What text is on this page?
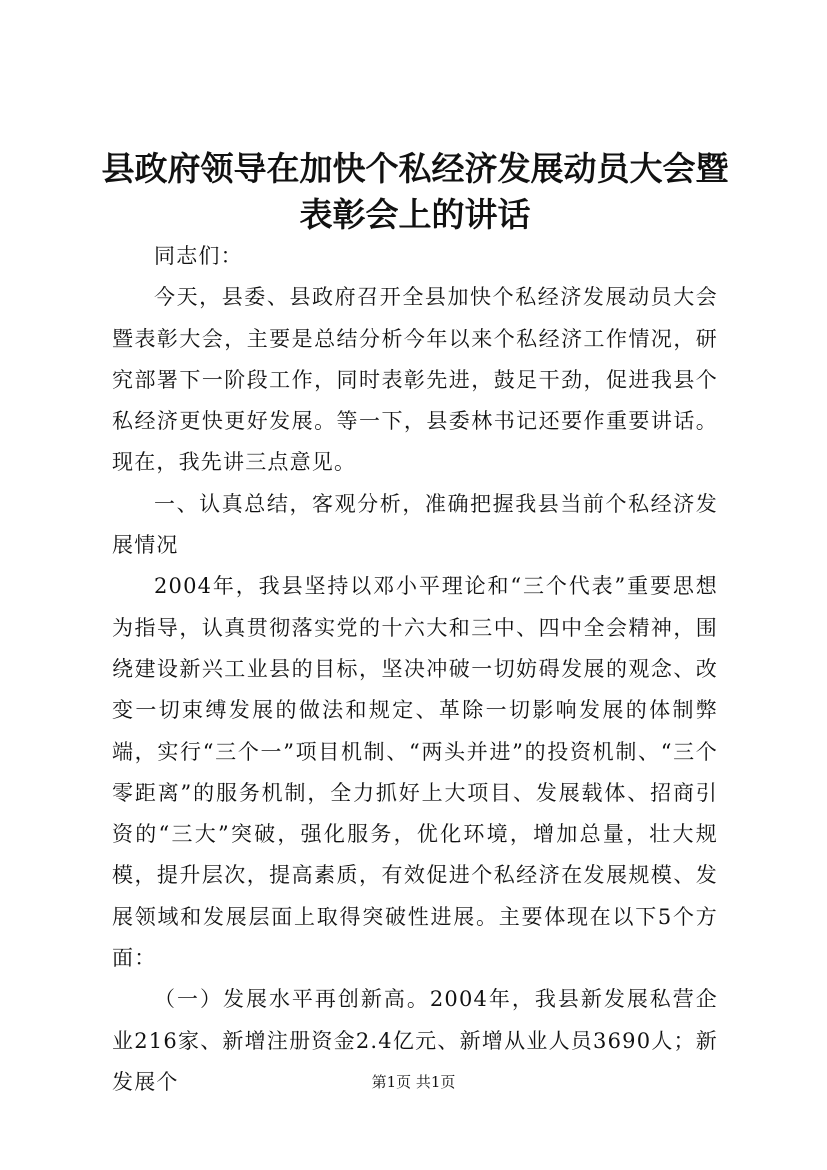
县政府领导在加快个私经济发展动员大会暨表彰会上的讲话

同志们：

今天，县委、县政府召开全县加快个私经济发展动员大会暨表彰大会，主要是总结分析今年以来个私经济工作情况，研究部署下一阶段工作，同时表彰先进，鼓足干劲，促进我县个私经济更快更好发展。等一下，县委林书记还要作重要讲话。现在，我先讲三点意见。

一、认真总结，客观分析，准确把握我县当前个私经济发展情况

2004年，我县坚持以邓小平理论和“三个代表”重要思想为指导，认真贯彻落实党的十六大和三中、四中全会精神，围绕建设新兴工业县的目标，坚决冲破一切妨碍发展的观念、改变一切束缚发展的做法和规定、革除一切影响发展的体制弊端，实行“三个一”项目机制、“两头并进”的投资机制、“三个零距离”的服务机制，全力抓好上大项目、发展载体、招商引资的“三大”突破，强化服务，优化环境，增加总量，壮大规模，提升层次，提高素质，有效促进个私经济在发展规模、发展领域和发展层面上取得突破性进展。主要体现在以下5个方面：

（一）发展水平再创新高。2004年，我县新发展私营企业216家、新增注册资金2.4亿元、新增从业人员3690人；新发展个	第1页 共1页
